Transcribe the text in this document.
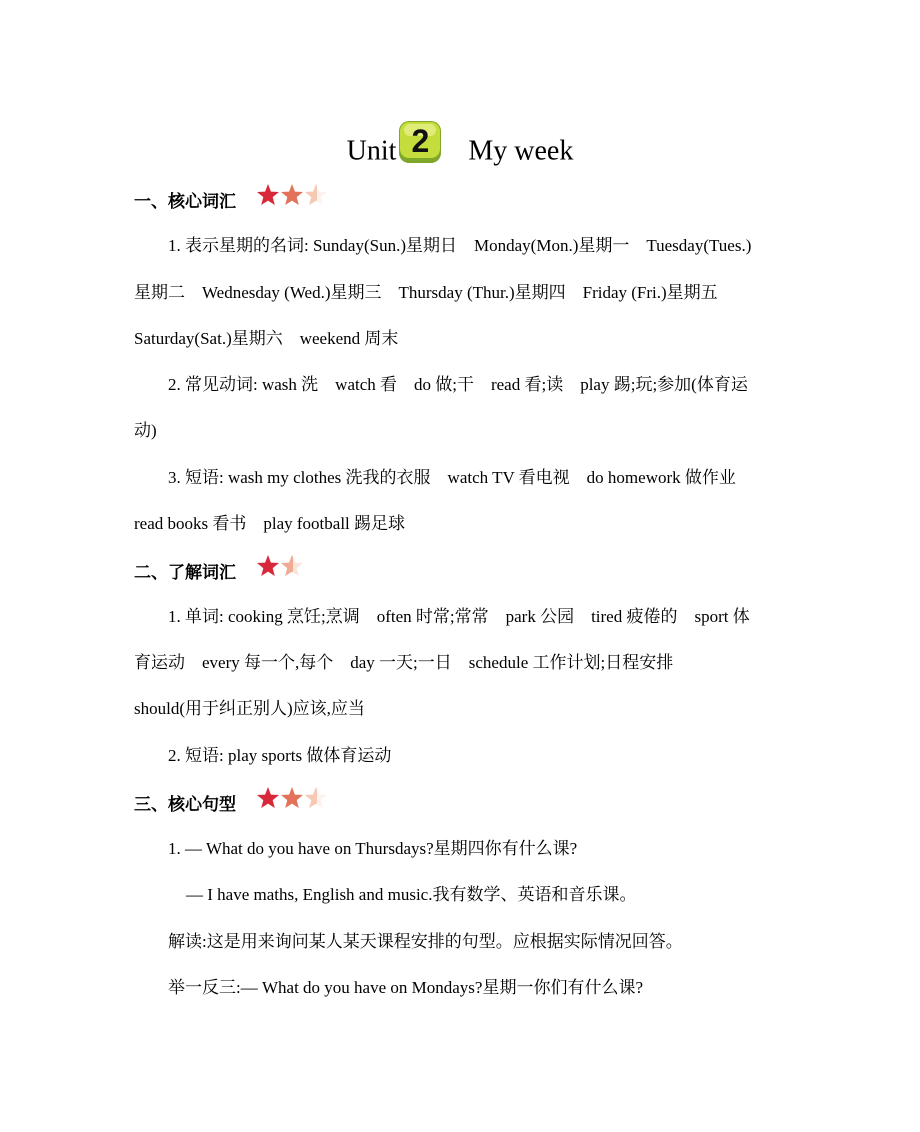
Unit 2	My week
一、核心词汇
1. 表示星期的名词: Sunday(Sun.)星期日 Monday(Mon.)星期一 Tuesday(Tues.)
星期二 Wednesday (Wed.)星期三 Thursday (Thur.)星期四 Friday (Fri.)星期五
Saturday(Sat.)星期六 weekend 周末
2. 常见动词: wash 洗 watch 看 do 做;干 read 看;读 play 踢;玩;参加(体育运
动)
3. 短语: wash my clothes 洗我的衣服 watch TV 看电视 do homework 做作业
read books 看书 play football 踢足球
二、了解词汇
1. 单词: cooking 烹饪;烹调 often 时常;常常 park 公园 tired 疲倦的 sport 体
育运动 every 每一个,每个 day 一天;一日 schedule 工作计划;日程安排
should(用于纠正别人)应该,应当
2. 短语: play sports 做体育运动
三、核心句型
1. — What do you have on Thursdays?星期四你有什么课?
— I have maths, English and music.我有数学、英语和音乐课。
解读:这是用来询问某人某天课程安排的句型。应根据实际情况回答。
举一反三:— What do you have on Mondays?星期一你们有什么课?
